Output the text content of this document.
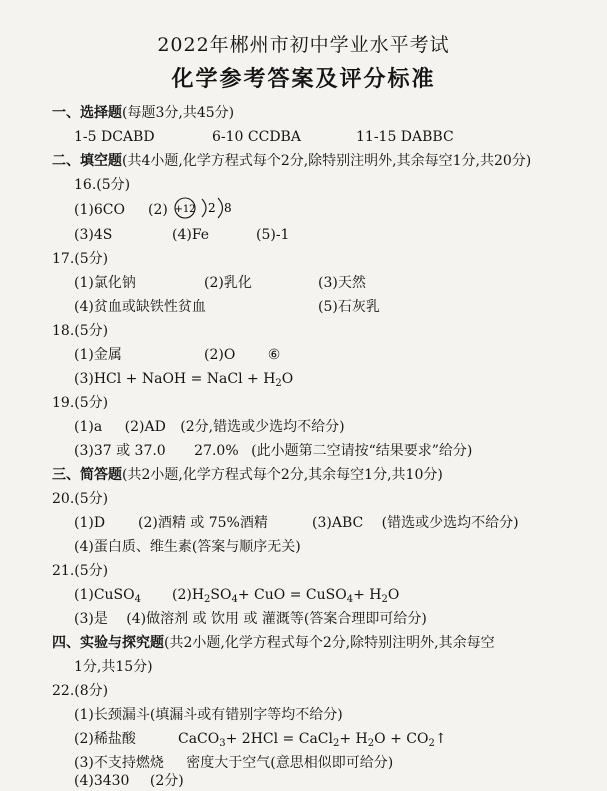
2022年郴州市初中学业水平考试
化学参考答案及评分标准
一、选择题(每题3分,共45分)
1-5 DCABD	6-10 CCDBA	11-15 DABBC
二、填空题(共4小题,化学方程式每个2分,除特别注明外,其余每空1分,共20分)
16.(5分)
(1)6CO (2) +12 2 8
(3)4S	(4)Fe	(5)-1
17.(5分)
(1)氯化钠	(2)乳化	(3)天然
(4)贫血或缺铁性贫血	(5)石灰乳
18.(5分)
(1)金属	(2)O ⑥
(3)HCl + NaOH = NaCl + $H_2O$
19.(5分)
(1)a (2)AD (2分,错选或少选均不给分)
(3)37 或 37.0 27.0% (此小题第二空请按“结果要求”给分)
三、简答题(共2小题,化学方程式每个2分,其余每空1分,共10分)
20.(5分)
(1)D (2)酒精 或 75%酒精	(3)ABC (错选或少选均不给分)
(4)蛋白质、维生素(答案与顺序无关)
21.(5分)
(1)CuSO$_4$ $(2)H_2SO_4+$ CuO = CuSO$_4$+ $H_2O$
(3)是 (4)做溶剂 或 饮用 或 灌溉等(答案合理即可给分)
四、实验与探究题(共2小题,化学方程式每个2分,除特别注明外,其余每空
1分,共15分)
22.(8分)
(1)长颈漏斗(填漏斗或有错别字等均不给分)
(2)稀盐酸	CaCO$_3$+ 2HCl = CaCl$_2$+ $H_2O$ + $CO_2↑$
(3)不支持燃烧 密度大于空气(意思相似即可给分)
(4)3430 (2分)
